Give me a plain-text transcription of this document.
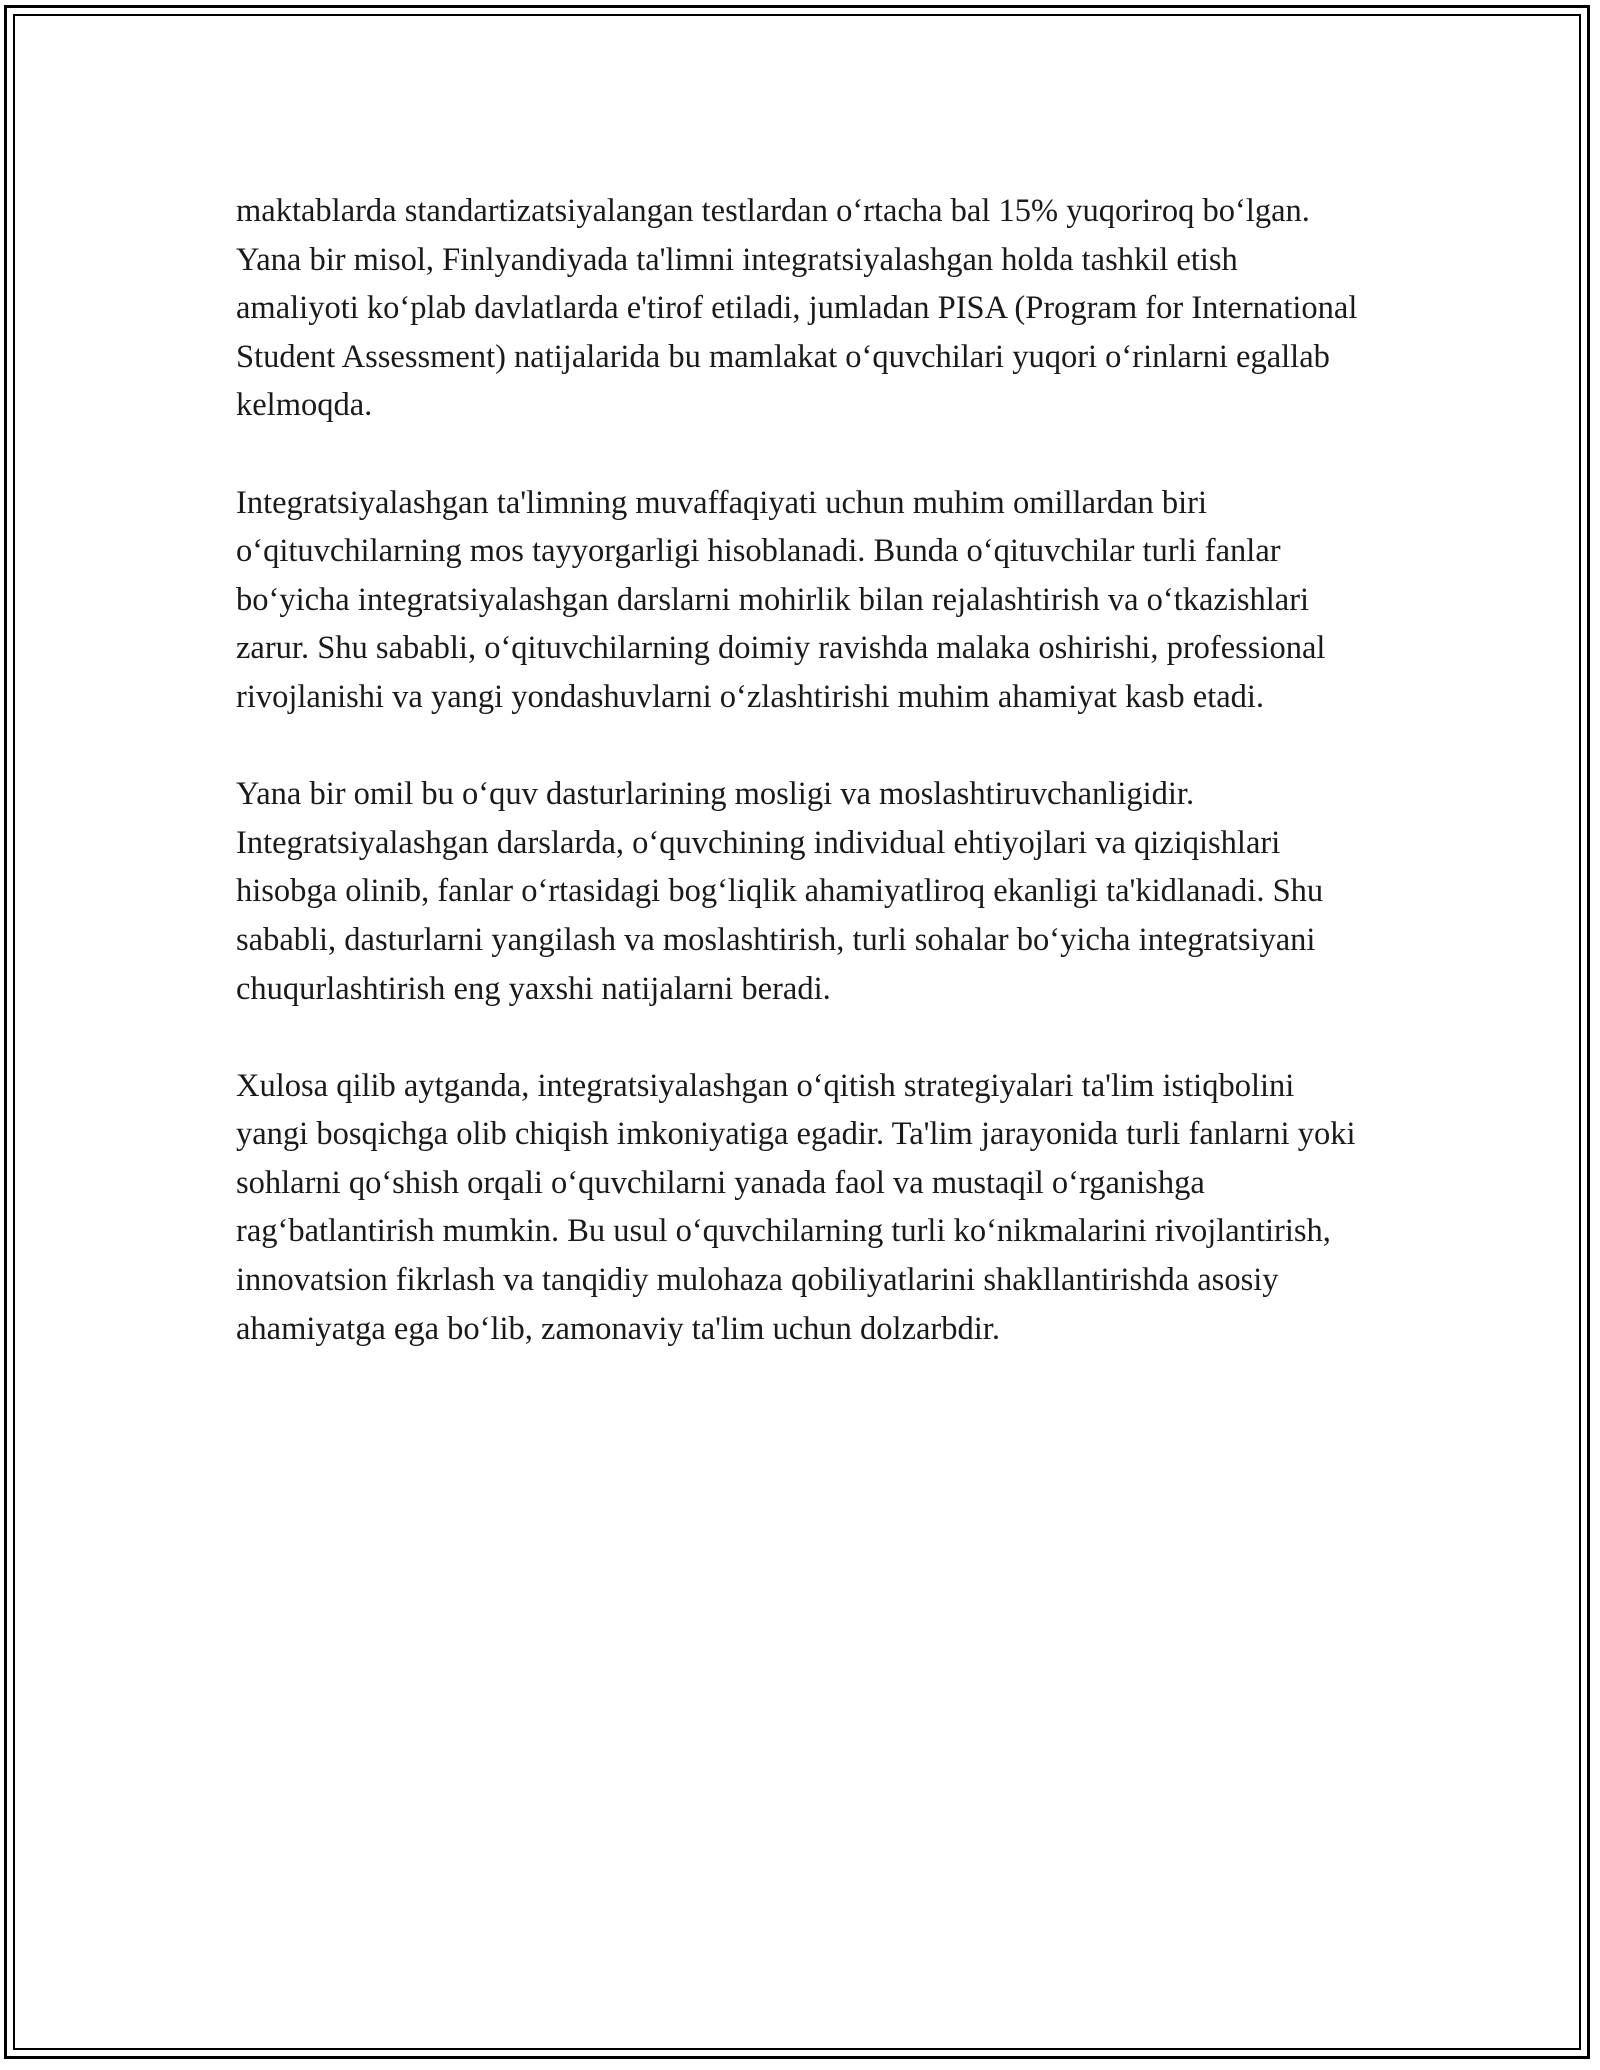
maktablarda standartizatsiyalangan testlardan o‘rtacha bal 15% yuqoriroq bo‘lgan. Yana bir misol, Finlyandiyada ta'limni integratsiyalashgan holda tashkil etish amaliyoti ko‘plab davlatlarda e'tirof etiladi, jumladan PISA (Program for International Student Assessment) natijalarida bu mamlakat o‘quvchilari yuqori o‘rinlarni egallab kelmoqda.

Integratsiyalashgan ta'limning muvaffaqiyati uchun muhim omillardan biri o‘qituvchilarning mos tayyorgarligi hisoblanadi. Bunda o‘qituvchilar turli fanlar bo‘yicha integratsiyalashgan darslarni mohirlik bilan rejalashtirish va o‘tkazishlari zarur. Shu sababli, o‘qituvchilarning doimiy ravishda malaka oshirishi, professional rivojlanishi va yangi yondashuvlarni o‘zlashtirishi muhim ahamiyat kasb etadi.

Yana bir omil bu o‘quv dasturlarining mosligi va moslashtiruvchanligidir. Integratsiyalashgan darslarda, o‘quvchining individual ehtiyojlari va qiziqishlari hisobga olinib, fanlar o‘rtasidagi bog‘liqlik ahamiyatliroq ekanligi ta'kidlanadi. Shu sababli, dasturlarni yangilash va moslashtirish, turli sohalar bo‘yicha integratsiyani chuqurlashtirish eng yaxshi natijalarni beradi.

Xulosa qilib aytganda, integratsiyalashgan o‘qitish strategiyalari ta'lim istiqbolini yangi bosqichga olib chiqish imkoniyatiga egadir. Ta'lim jarayonida turli fanlarni yoki sohlarni qo‘shish orqali o‘quvchilarni yanada faol va mustaqil o‘rganishga rag‘batlantirish mumkin. Bu usul o‘quvchilarning turli ko‘nikmalarini rivojlantirish, innovatsion fikrlash va tanqidiy mulohaza qobiliyatlarini shakllantirishda asosiy ahamiyatga ega bo‘lib, zamonaviy ta'lim uchun dolzarbdir.
